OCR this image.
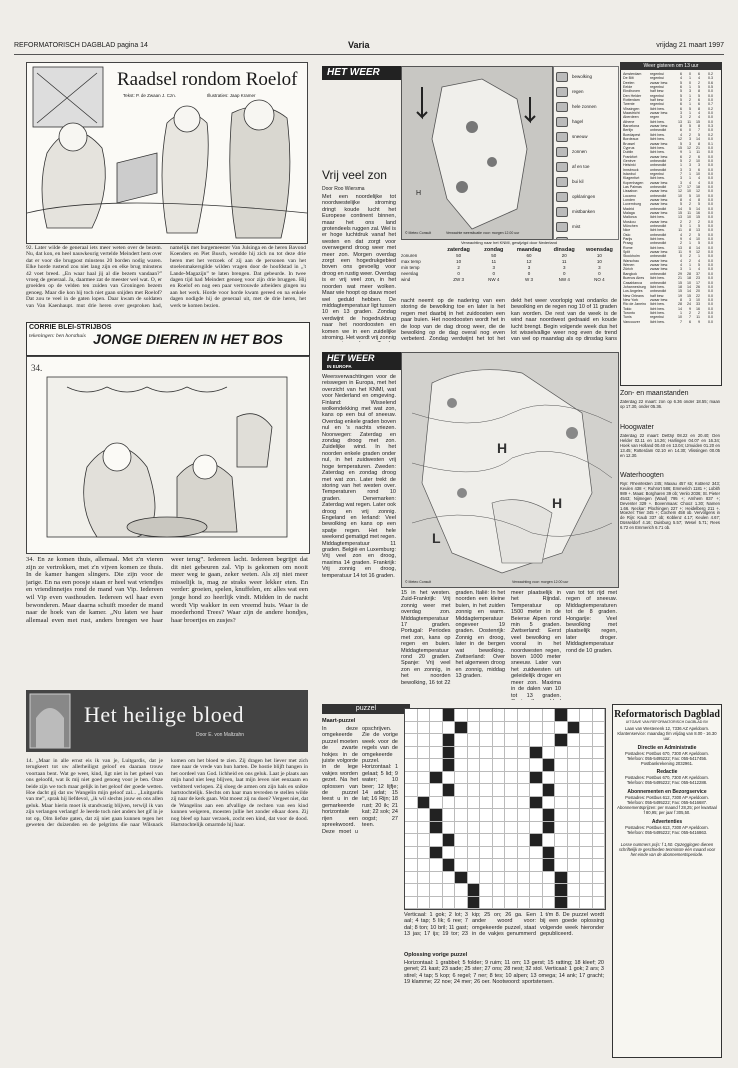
REFORMATORISCH DAGBLAD pagina 14	Varia	vrijdag 21 maart 1997
Raadsel rondom Roelof
Tekst: P. de Zwaan J. Czn.	Illustraties: Jaap Kramer
92. Later wilde de generaal iets meer weten over de bezem. Nu, dat kon, en heel nauwkeurig vertelde Meindert hem over dat er voor die brugpost minstens 20 borden nodig waren. Elke horde rustend zou niet lang zijn en elke brug minstens 42 voet breed. „En waar haal jij al die bezem vandaan?” vroeg de generaal. Ja, daarmee zat de meester wel wat. O, er groeiden op de velden ten zuiden van Groningen bezem genoeg. Maar die kon hij toch niet gaan snijden met Roelof? Dat zou te veel in de gaten lopen. Daar kwam de soldaten van Van Kaenhaupt. mut drie heren over gesproken had, namelijk met burgemeester Van Julsinga en de heren Bavond Koenders en Piet Busch, wendde hij zich nu tot deze drie heren met het verzoek of zij aan de personen van het stoelenmakersgilde wilden vragen door de hoofdstad in „'t Lande-Magazijn” te laten brengen. Dat gebeurde. In twee dagen tijd had Meindert genoeg voor zijn drie bruggen. Hij en Roelof en nog een paar vertrouwde arbeiders gingen nu aan het werk. Horde voor horde kwam gereed en na enkele dagen nodigde hij de generaal uit, met de drie heren, het werk te komen bezien.
CORRIE BLEI-STRIJBOS
tekeningen: ben horsthuis JONGE DIEREN IN HET BOS
34.
34. En ze komen thuis, allemaal. Met z'n vieren zijn ze vertrokken, met z'n vijven komen ze thuis. In de kamer hangen slingers. Die zijn voor de jarige. En na een poosje staan er heel wat vriendjes en vriendinnetjes rond de mand van Vip. Iedereen wil Vip even vasthouden. Iedereen wil haar even bewonderen. Maar daarna schuift moeder de mand naar de hoek van de kamer. „Nu laten we haar allemaal even met rust, anders brengen we haar weer terug”. Iedereen lacht. Iedereen begrijpt dat dit niet gebeuren zal. Vip is gekomen om nooit meer weg te gaan, zeker weten. Als zij niet meer misselijk is, mag ze straks weer lekker eten. En verder: groeien, spelen, knuffelen, en: alles wat een jonge hond zo heerlijk vindt. Midden in de nacht wordt Vip wakker in een vreemd huis. Waar is de moederhond Trees? Waar zijn de andere hondjes, haar broertjes en zusjes?
Het heilige bloed
Door E. von Maltzahn
14. „Maar in alle ernst eis ik van je, Luitgardis, dat je terugkeert tot uw allerheiligst geloof en daaraan trouw voortaan bent. Wat ge weet, kind, ligt niet in het geheel van ons geloofd, wat ik mij niet goed genoeg voor je ben. Onze beide zijn we toch maar gelijk in het geloof der goede wetten. Hoe dacht gij dat uw Wangelin mijn geloof zal... „Luitgardis van me”, sprak hij liefdevol, „ik wil slechts jouw en ons allen geluk. Maar hierin moet ik standvastig blijven, terwijl ik van zijn verlangen verlangt! Je leerde toch niet anders het gif in je tot op, Olm liefste gaten, dat zij niet gaan kunnen tegen het geweten der duizenden en de pelgrims die naar Wilsnack komen om het bloed te zien. Zij dragen het liever met zich mee naar de vrede van hun harten. De hostie blijft hangen in het oordeel van God. lichheid en ons geluk. Laat je plaats aan mijn hand niet leeg blijven, laat mijn leven niet eenzaam en verbitterd verlopen. Zij sloeg de armen om zijn hals en snikte hartstochtelijk. Slechts om haar man tevreden te stellen wilde zij naar de kerk gaan. Wat moest zij nu doen? Vergeet niet, dat de Wangelins aan een afvallige de rechten van een kind kunnen weigeren, moesten jullie het zonder elkaar doen. Zij nog bleef op haar verzoek, zocht een kind, dat voor de dood. Hartstochtelijk omarmde hij haar.
HET WEER
Vrij veel zon
Door Roo Wiersma
Met een noordelijke tot noordwestelijke stroming dringt koude lucht het Europese continent binnen, maar het ons land grotendeels ruggen zal. Wel is er hoge luchtdruk vanaf het westen en dat zorgt voor overwegend droog weer met meer zon. Morgen overdag zorgt een hogedrukgebied boven ons gevoelig voor droog en rustig weer. Overdag is er vrij veel zon, in het noorden wat meer wolken. Maar wie hoopt op dauw moet wel geduld hebben. De middagtemperatuur ligt tussen 10 en 13 graden. Zondag verdwijnt de hogedrukbrug naar het noordoosten en komen we in een zuidelijke stroming. Het wordt vrij zonnig
H
© Meteo Consult	Verwachte weersituatie voor: morgen 12.00 uur
bewolking
regen
hele zonnen
hagel
sneeuw
zonnen
af en toe
bui kil
opklaringen
mistbanken
mist
Verwachting naar het KNMI, gewijzigd door Nederland
zaterdag	zondag	maandag	dinsdag	woensdag
zonuren	50	50	60	20	10
max temp	10	11	12	11	10
min temp	2	3	3	3	3
neerslag	0	0	0	0	0
wind	ZW 3	NW 4	W 3	NW 4	NO 4
nacht neemt op de nadering van een storing de bewolking toe en later is het regen met daarbij in het zuidoosten een paar buien. Het noordoosten wordt het in de loop van de dag droog weer, die de bewolking op de dag overal nog even verbeterd. Zondag verdwijnt het tot het
dekt het weer voorlopig wat ondanks de bewolking en de regen nog 10 of 11 graden kan worden. De rest van de week is de wind naar noordwest gedraaid en koude lucht brengt. Begin volgende week dus het lot wisselvallige weer nog even de trend van wel op maandag als op dinsdag kans
Weer gisteren om 13 uur
Amsterdam	regenbui	6	0	6	0.2
De Bilt	regenbui	4	1	4	0.3
Deelen	zwaar bew.	5	0	2	0.6
Eelde	regenbui	6	1	5	0.5
Eindhoven	half bew.	5	3	8	0.0
Den Helder	regenbui	5	1	5	0.0
Rotterdam	half bew.	5	2	6	0.0
Twente	regenbui	6	1	6	0.7
Vlissingen	licht bew.	6	5	8	0.2
Maastricht	zwaar bew.	3	1	4	0.0
Aberdeen	regen	3	2	4	0.0
Athene	licht bew.	13	11	15	0.0
Barcelona	zwaar bew.	8	5	8	0.3
Berlijn	onbewolkt	6	0	7	0.0
Boedapest	licht bew.	4	2	5	0.2
Bordeaux	licht bew.	12	3	14	0.0
Brussel	zwaar bew.	5	3	8	0.1
Cyprus	licht bew.	15	12	21	0.0
Dublin	licht bew.	9	1	11	0.0
Frankfort	zwaar bew.	6	2	6	0.0
Genève	onbewolkt	5	2	10	0.0
Helsinki	onbewolkt	1	3	3	0.0
Innsbruck	onbewolkt	3	3	6	0.0
Istanbul	regenbui	7	1	10	0.0
Klagenfurt	licht bew.	3	1	4	0.0
Kopenhagen	zwaar bew.	3	4	4	0.0
Las Palmas	onbewolkt	17	17	18	0.0
Lissabon	zwaar bew.	12	10	12	0.0
Locarno	onbewolkt	10	5	10	0.0
Londen	zwaar bew.	8	4	8	0.0
Luxemburg	zwaar bew.	5	2	5	0.0
Madrid	onbewolkt	14	5	14	0.0
Malaga	zwaar bew.	15	11	16	0.0
Mallorca	licht bew.	13	10	15	0.0
Moskou	zwaar bew.	2	2	2	0.0
München	onbewolkt	5	1	5	0.0
Nice	licht bew.	11	8	13	0.0
Oslo	onbewolkt	4	2	5	0.0
Parijs	licht bew.	9	4	10	0.0
Praag	onbewolkt	2	1	5	0.0
Rome	licht bew.	13	8	14	0.0
Split	zwaar bew.	11	9	12	0.0
Stockholm	onbewolkt	0	2	1	0.0
Warschau	zwaar bew.	4	2	4	0.0
Wenen	zwaar bew.	4	1	5	0.0
Zürich	zwaar bew.	3	1	4	0.0
Bangkok	onbewolkt	29	28	37	0.0
Buenos Aires	licht bew.	21	18	23	0.0
Casablanca	onbewolkt	15	10	17	0.0
Johannesburg	licht bew.	18	14	26	0.0
Los Angeles	onbewolkt	15	14	20	0.0
New Orleans	half bew.	19	15	22	0.0
New York	zwaar bew.	8	3	10	0.0
Rio de Janeiro	licht bew.	28	24	33	0.0
Tokio	licht bew.	14	9	16	0.0
Toronto	licht bew.	1	2	2	0.0
Tunis	regenbui	10	7	11	0.0
Vancouver	licht bew.	7	6	9	0.0
HET WEER
IN EUROPA
Weersverwachtingen voor de reiswegen in Europa, met het overzicht van het KNMI, wat voor Nederland en omgeving. Finland: Wisselend wolkendekking met wat zon, kans op een bui of sneeuw. Overdag enkele graden boven nul en 's nachts vriezen. Noorwegen: Zaterdag en zondag droog met zon. Zuidelijke wind. In het noorden enkele graden onder nul, in het zuidwesten vrij hoge temperaturen. Zweden: Zaterdag en zondag droog met wat zon. Later trekt de storing van het westen over. Temperaturen rond 10 graden. Denemarken: Zaterdag wat regen. Later ook droog en vrij zonnig. Engeland en Ierland: Veel bewolking en kans op een spatje regen. Het hele weekend gematigd met regen. Middagtemperatuur 11 graden. België en Luxemburg: Vrij veel zon en droog, maxima 14 graden. Frankrijk: Vrij zonnig en droog, temperatuur 14 tot 16 graden.
H
H
L
© Meteo Consult	Verwachting voor: morgen 12.00 uur
15 in het westen. Zuid-Frankrijk: Vrij zonnig weer met overdag zon. Middagtemperatuur 17 graden. Portugal: Periodes met zon, kans op regen en buien. Middagtemperatuur rond 20 graden. Spanje: Vrij veel zon en zonnig, in het noorden bewolking, 16 tot 22 graden. Italië: In het noorden een kleine buien, in het zuiden zonnig en warm. Middagtemperatuur ongeveer 19 graden. Oostenrijk: Zonnig en droog, later in de bergen wat bewolking. Zwitserland: Over het algemeen droog en zonnig, middag 13 graden.
meer plaatselijk in het Rijndal. Temperatuur op 1500 meter in de Beierse Alpen rond min 5 graden. Zwitserland: Eerst veel bewolking en vooral in het noordwesten regen, boven 1000 meter sneeuw. Later van het zuidwesten uit geleidelijk droger en meer zon. Maxima in de dalen van 10 tot 13 graden.
van tot tot rijd met regen of sneeuw. Middagtemperaturen tot de 8 graden. Hongarije: Veel bewolking met plaatselijk regen, later droger. Middagtemperatuur rond de 10 graden.
Zon- en maanstanden
Zaterdag 22 maart: zon op 6.36 onder 18.55; maan op 17.30, onder 05.36.
Hoogwater
Zaterdag 22 maart: Delfzijl 08.22 en 20.40; Den Helder 02.11 en 14.26; Harlingen 04.07 en 16.34; Hoek van Holland 00.40 en 13.04; IJmuiden 01.20 en 13.45; Rotterdam 02.10 en 14.30; Vlissingen 00.05 en 12.30.
Waterhoogten
Rijn: Rheinfelden 245; Maxau 457 sb; Koblenz 343; Keulen 438 +; Ruhrort 586; Emmerich 1181 +; Lobith 989 +. Maas: Borgharen 39 ob; Venlo 2036; St. Pieter 4543; Nijmegen (Waal) 795 +; Arnhem 837 +; Deventer 329 +. Bovenmaas: Chooz 1.30; Namen 1.66. Neckar: Plochingen 227 +; Heidelberg 211 +. Moezel: Trier 345 +; Cochem 458 ob. Vervolgens in de Rijn: Kaub 337 ob; Koblenz 4.17; Keulen 4.67; Düsseldorf 4.16; Duisburg 5.57; Wesel 5.71; Rees 6.72 en Emmerich 6.71 ob.
puzzel
Maart-puzzel
In deze omgekeerde puzzel moeten de zwarte hokjes in de juiste volgorde in de lege vakjes worden gezet. Na het oplossen van de puzzel leest u in de gemarkeerde horizontale rijen een spreekwoord. Deze moet u opschrijven. Zie de vorige week voor de regels van de omgekeerde puzzel. Horizontaal: 1 gelaat; 5 lid; 9 water; 10 beer; 12 lijfje; 14 adat; 15 lat; 16 Rijn; 18 rust; 20 ik; 21 kat; 22 sok; 24 oogst; 27 teen.
Verticaal: 1 gok; 2 lot; 3 aal; 4 tap; 5 lik; 6 ree; 7 dal; 8 ton; 10 bril; 11 gast; 13 jas; 17 ijs; 19 tor; 23 kip; 25 on; 26 ga. Een ander woord voor: omgekeerde puzzel, staat in de vakjes genummerd 1 t/m 8. De puzzel wordt bij een goede oplossing volgende week hieronder gepubliceerd.
Oplossing vorige puzzel
Horizontaal: 1 grabbel; 5 folder; 9 ruim; 11 om; 13 gerst; 15 ratting; 18 kleef; 20 genet; 21 kast; 23 sade; 25 ster; 27 ons; 28 nest; 32 stol. Verticaal: 1 gok; 2 ars; 3 stirel; 4 tap; 5 kop; 6 regel; 7 ner; 8 tes; 10 alpen; 13 omega; 14 ank; 17 gracht; 19 klamme; 22 noe; 24 mer; 26 oer. Nootwoord: sportstersen.
Reformatorisch Dagblad
UITGAVE VAN REFORMATORISCH DAGBLAD BV
Laan van Westenenk 12, 7336 AZ Apeldoorn. Klantenservice: maandag t/m vrijdag van 8.00 - 16.30 uur.
Directie en Administratie
Postadres: Postbus 670, 7300 AR Apeldoorn. Telefoon: 055-5495222; Fax: 055-5417456. Postbankrekening 2032961.
Redactie
Postadres: Postbus 670, 7300 AR Apeldoorn. Telefoon: 055-5495222; Fax: 055-5412288.
Abonnementen en Bezorgservice
Postadres: Postbus 612, 7300 AP Apeldoorn. Telefoon: 055-5495222; Fax: 055-5416687. Abonnementsprijzen: per maand f 28,25; per kwartaal f 80,95; per jaar f 305,50.
Advertenties
Postadres: Postbus 613, 7300 AP Apeldoorn. Telefoon: 055-5495222; Fax: 055-5416863.
Losse nummers prijs: f 1,50. Opzeggingen dienen schriftelijk te geschieden tenminste één maand voor het einde van de abonnementsperiode.
